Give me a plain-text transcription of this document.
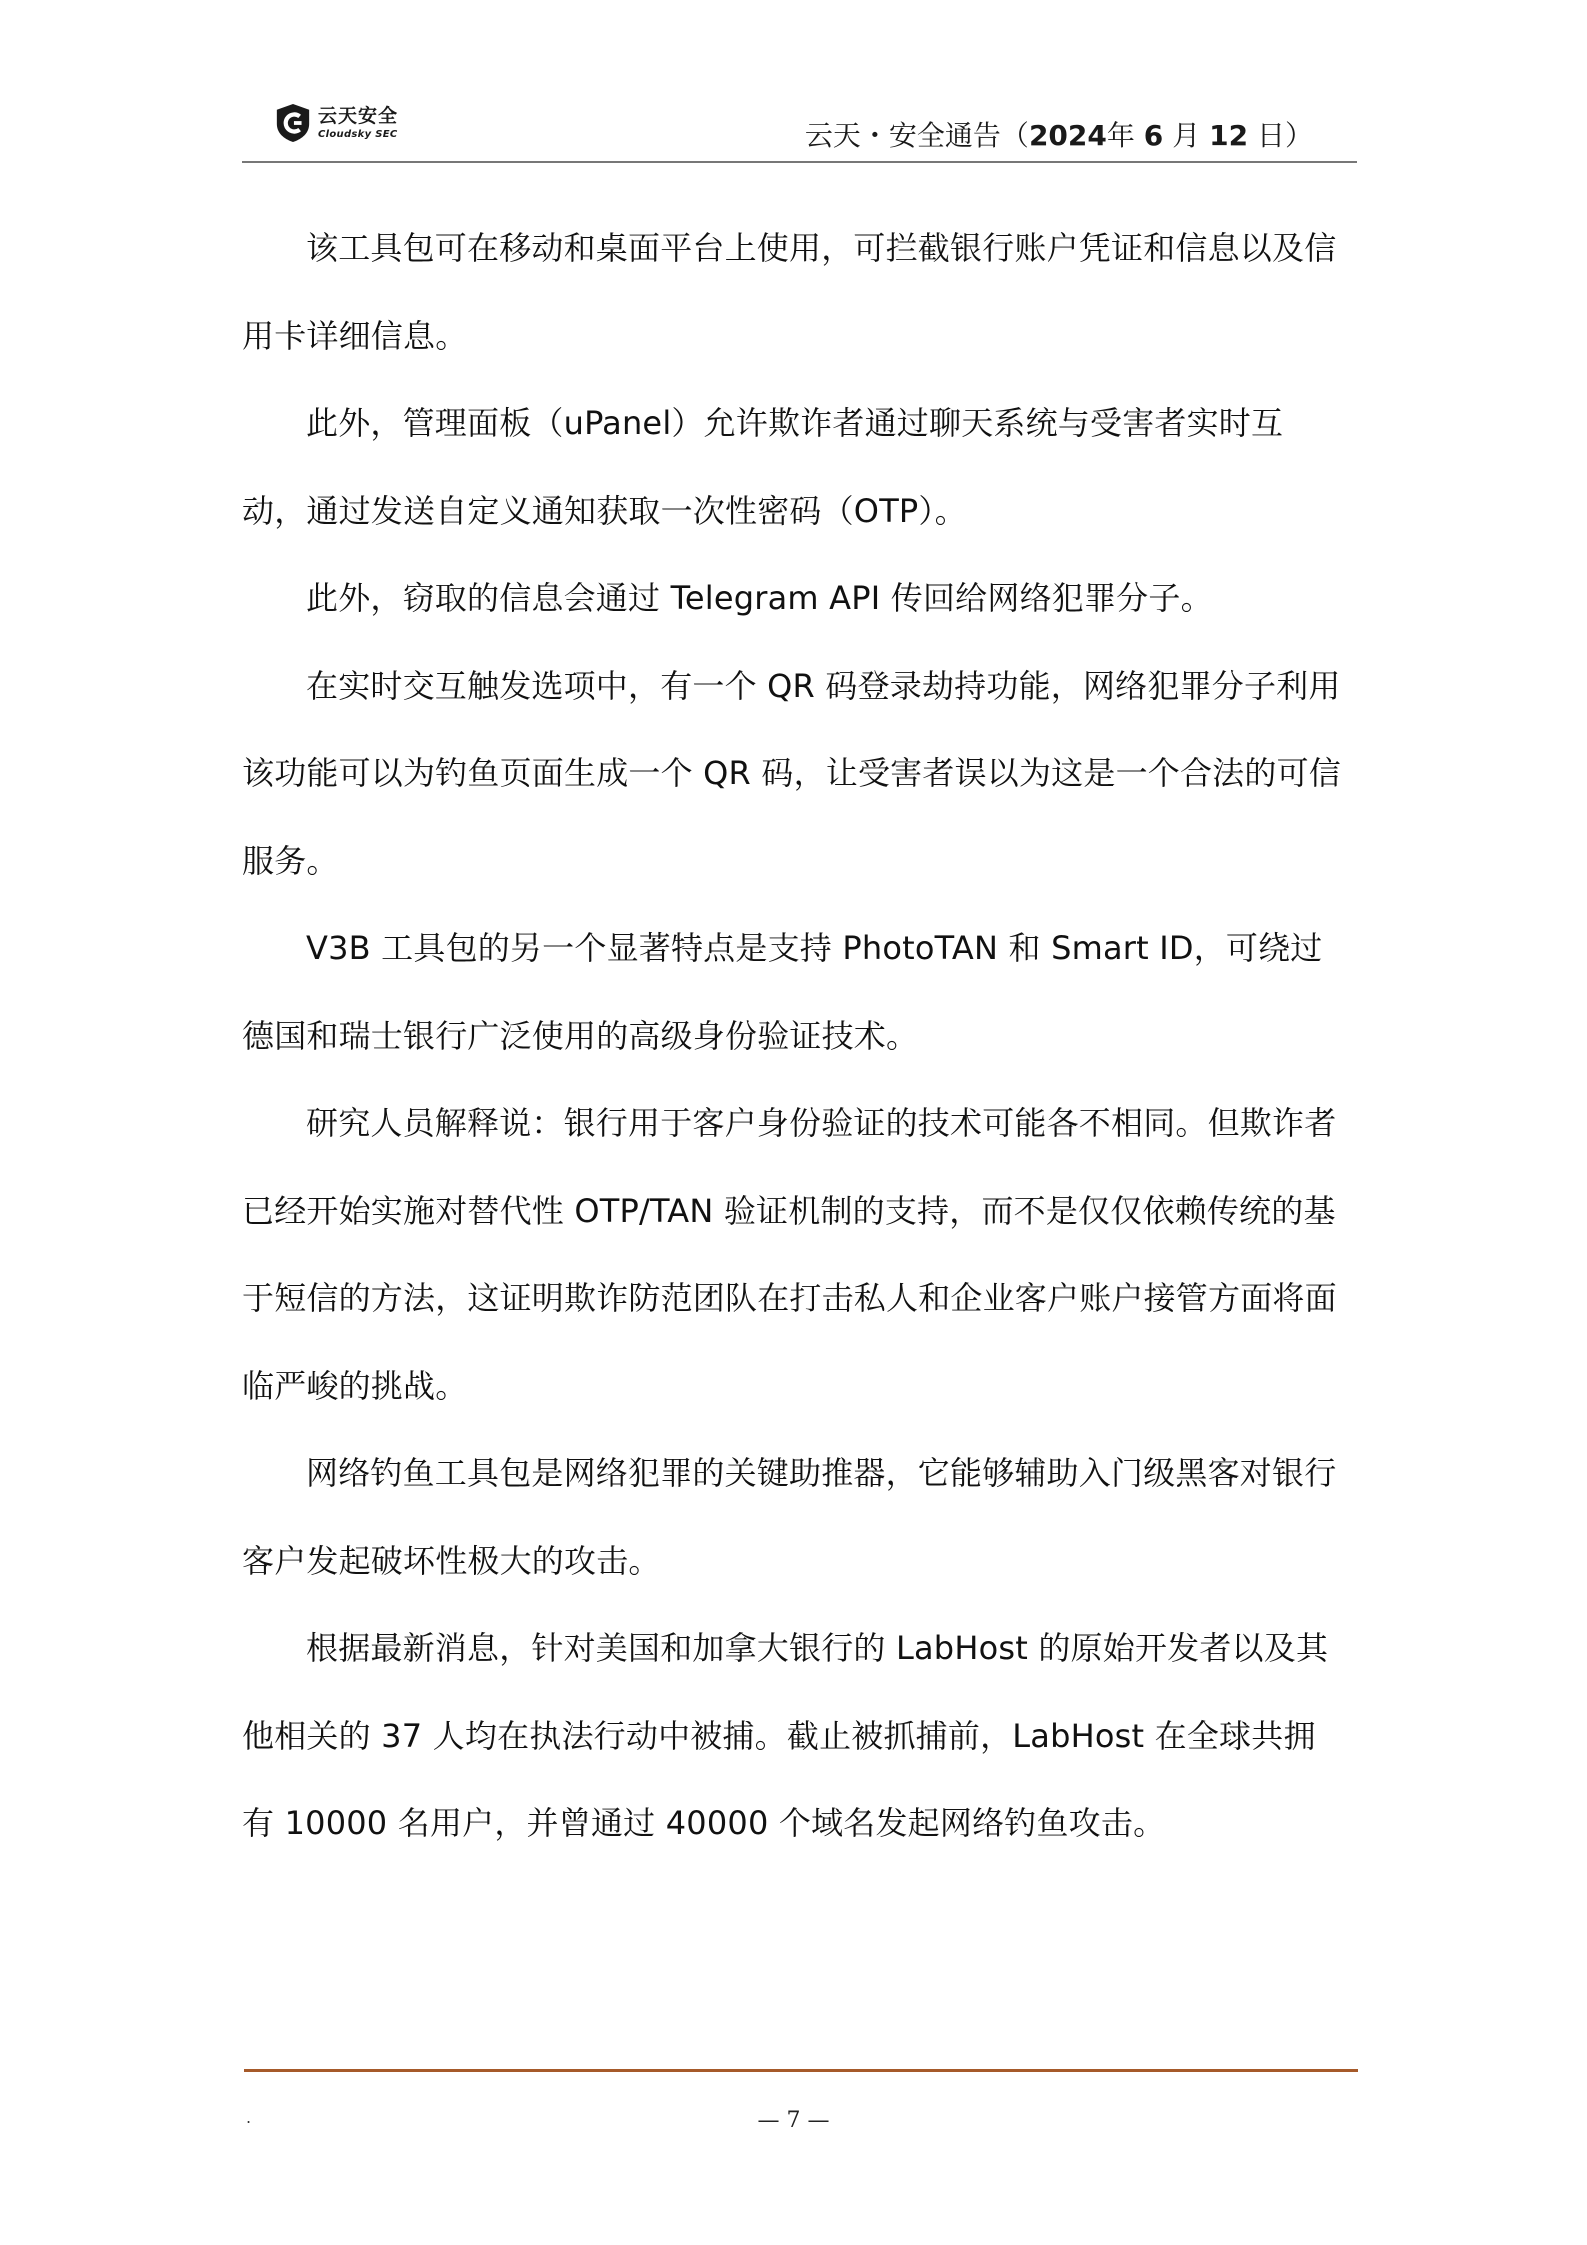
云天安全
Cloudsky SEC	云天・安全通告（2024年 6 月 12 日）

该工具包可在移动和桌面平台上使用，可拦截银行账户凭证和信息以及信用卡详细信息。

此外，管理面板（uPanel）允许欺诈者通过聊天系统与受害者实时互动，通过发送自定义通知获取一次性密码（OTP）。

此外，窃取的信息会通过 Telegram API 传回给网络犯罪分子。

在实时交互触发选项中，有一个 QR 码登录劫持功能，网络犯罪分子利用该功能可以为钓鱼页面生成一个 QR 码，让受害者误以为这是一个合法的可信服务。

V3B 工具包的另一个显著特点是支持 PhotoTAN 和 Smart ID，可绕过德国和瑞士银行广泛使用的高级身份验证技术。

研究人员解释说：银行用于客户身份验证的技术可能各不相同。但欺诈者已经开始实施对替代性 OTP/TAN 验证机制的支持，而不是仅仅依赖传统的基于短信的方法，这证明欺诈防范团队在打击私人和企业客户账户接管方面将面临严峻的挑战。

网络钓鱼工具包是网络犯罪的关键助推器，它能够辅助入门级黑客对银行客户发起破坏性极大的攻击。

根据最新消息，针对美国和加拿大银行的 LabHost 的原始开发者以及其他相关的 37 人均在执法行动中被捕。截止被抓捕前，LabHost 在全球共拥有 10000 名用户，并曾通过 40000 个域名发起网络钓鱼攻击。

.	— 7 —
